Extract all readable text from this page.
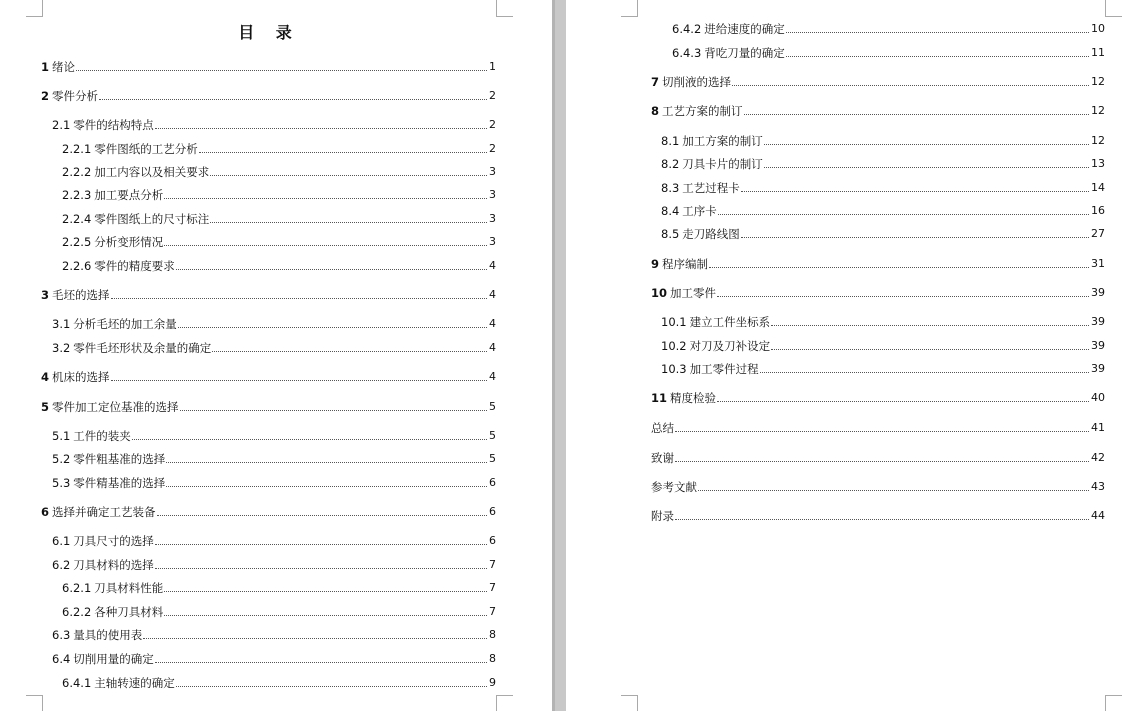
目 录
1 绪论	1
2 零件分析	2
2.1 零件的结构特点	2
2.2.1 零件图纸的工艺分析	2
2.2.2 加工内容以及相关要求	3
2.2.3 加工要点分析	3
2.2.4 零件图纸上的尺寸标注	3
2.2.5 分析变形情况	3
2.2.6 零件的精度要求	4
3 毛坯的选择	4
3.1 分析毛坯的加工余量	4
3.2 零件毛坯形状及余量的确定	4
4 机床的选择	4
5 零件加工定位基准的选择	5
5.1 工件的装夹	5
5.2 零件粗基准的选择	5
5.3 零件精基准的选择	6
6 选择并确定工艺装备	6
6.1 刀具尺寸的选择	6
6.2 刀具材料的选择	7
6.2.1 刀具材料性能	7
6.2.2 各种刀具材料	7
6.3 量具的使用表	8
6.4 切削用量的确定	8
6.4.1 主轴转速的确定	9
6.4.2 进给速度的确定	10
6.4.3 背吃刀量的确定	11
7 切削液的选择	12
8 工艺方案的制订	12
8.1 加工方案的制订	12
8.2 刀具卡片的制订	13
8.3 工艺过程卡	14
8.4 工序卡	16
8.5 走刀路线图	27
9 程序编制	31
10 加工零件	39
10.1 建立工件坐标系	39
10.2 对刀及刀补设定	39
10.3 加工零件过程	39
11 精度检验	40
总结	41
致谢	42
参考文献	43
附录	44
